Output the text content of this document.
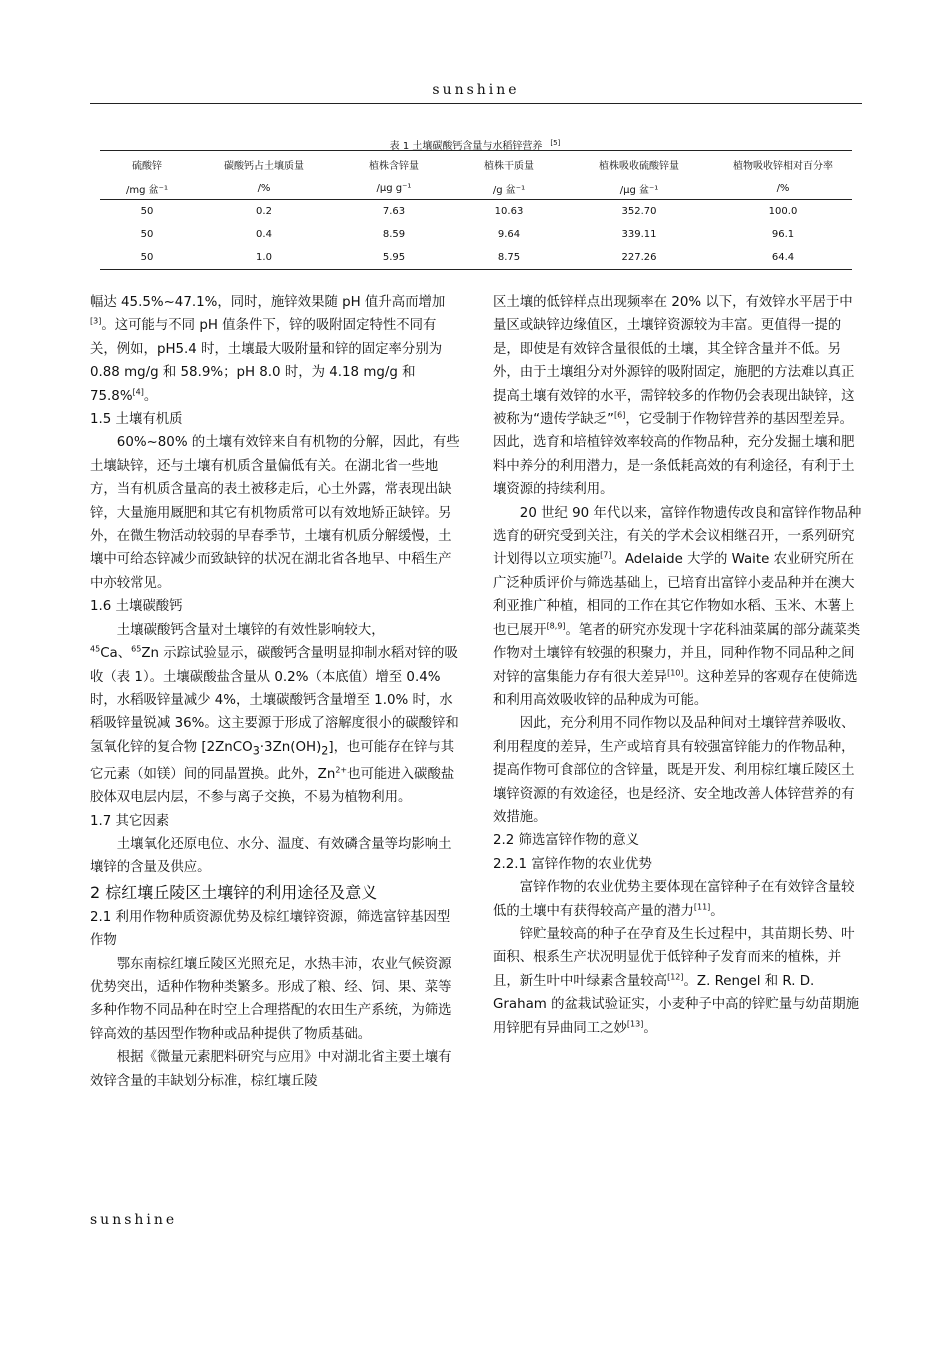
sunshine
表 1 土壤碳酸钙含量与水稻锌营养 [5]
硫酸锌	碳酸钙占土壤质量	植株含锌量	植株干质量	植株吸收硫酸锌量	植物吸收锌相对百分率
/mg 盆⁻¹	/%	/µg g⁻¹	/g 盆⁻¹	/µg 盆⁻¹	/%
50	0.2	7.63	10.63	352.70	100.0
50	0.4	8.59	9.64	339.11	96.1
50	1.0	5.95	8.75	227.26	64.4

幅达 45.5%~47.1%，同时，施锌效果随 pH 值升高而增加[3]。这可能与不同 pH 值条件下，锌的吸附固定特性不同有关，例如，pH5.4 时，土壤最大吸附量和锌的固定率分别为 0.88 mg/g 和 58.9%；pH 8.0 时，为 4.18 mg/g 和 75.8%[4]。

1.5 土壤有机质

60%~80% 的土壤有效锌来自有机物的分解，因此，有些土壤缺锌，还与土壤有机质含量偏低有关。在湖北省一些地方，当有机质含量高的表土被移走后，心土外露，常表现出缺锌，大量施用厩肥和其它有机物质常可以有效地矫正缺锌。另外，在微生物活动较弱的早春季节，土壤有机质分解缓慢，土壤中可给态锌减少而致缺锌的状况在湖北省各地早、中稻生产中亦较常见。

1.6 土壤碳酸钙

土壤碳酸钙含量对土壤锌的有效性影响较大，
$^{45}$Ca、$^{65}$Zn 示踪试验显示，碳酸钙含量明显抑制水稻对锌的吸收（表 1）。土壤碳酸盐含量从 0.2%（本底值）增至 0.4% 时，水稻吸锌量减少 4%，土壤碳酸钙含量增至 1.0% 时，水稻吸锌量锐减 36%。这主要源于形成了溶解度很小的碳酸锌和氢氧化锌的复合物 $[2ZnCO_3\cdot 3Zn(OH)_2]$，也可能存在锌与其它元素（如镁）间的同晶置换。此外，$Zn^{2+}$也可能进入碳酸盐胶体双电层内层，不参与离子交换，不易为植物利用。

1.7 其它因素

土壤氧化还原电位、水分、温度、有效磷含量等均影响土壤锌的含量及供应。

2 棕红壤丘陵区土壤锌的利用途径及意义

2.1 利用作物种质资源优势及棕红壤锌资源，筛选富锌基因型作物

鄂东南棕红壤丘陵区光照充足，水热丰沛，农业气候资源优势突出，适种作物种类繁多。形成了粮、经、饲、果、菜等多种作物不同品种在时空上合理搭配的农田生产系统，为筛选锌高效的基因型作物种或品种提供了物质基础。

根据《微量元素肥料研究与应用》中对湖北省主要土壤有效锌含量的丰缺划分标准，棕红壤丘陵

区土壤的低锌样点出现频率在 20% 以下，有效锌水平居于中量区或缺锌边缘值区，土壤锌资源较为丰富。更值得一提的是，即使是有效锌含量很低的土壤，其全锌含量并不低。另外，由于土壤组分对外源锌的吸附固定，施肥的方法难以真正提高土壤有效锌的水平，需锌较多的作物仍会表现出缺锌，这被称为“遗传学缺乏”[6]，它受制于作物锌营养的基因型差异。因此，选育和培植锌效率较高的作物品种，充分发掘土壤和肥料中养分的利用潜力，是一条低耗高效的有利途径，有利于土壤资源的持续利用。

20 世纪 90 年代以来，富锌作物遗传改良和富锌作物品种选育的研究受到关注，有关的学术会议相继召开，一系列研究计划得以立项实施[7]。Adelaide 大学的 Waite 农业研究所在广泛种质评价与筛选基础上，已培育出富锌小麦品种并在澳大利亚推广种植，相同的工作在其它作物如水稻、玉米、木薯上也已展开[8,9]。笔者的研究亦发现十字花科油菜属的部分蔬菜类作物对土壤锌有较强的积聚力，并且，同种作物不同品种之间对锌的富集能力存有很大差异[10]。这种差异的客观存在使筛选和利用高效吸收锌的品种成为可能。

因此，充分利用不同作物以及品种间对土壤锌营养吸收、利用程度的差异，生产或培育具有较强富锌能力的作物品种，提高作物可食部位的含锌量，既是开发、利用棕红壤丘陵区土壤锌资源的有效途径，也是经济、安全地改善人体锌营养的有效措施。

2.2 筛选富锌作物的意义

2.2.1 富锌作物的农业优势

富锌作物的农业优势主要体现在富锌种子在有效锌含量较低的土壤中有获得较高产量的潜力[11]。

锌贮量较高的种子在孕育及生长过程中，其苗期长势、叶面积、根系生产状况明显优于低锌种子发育而来的植株，并且，新生叶中叶绿素含量较高[12]。Z. Rengel 和 R. D. Graham 的盆栽试验证实，小麦种子中高的锌贮量与幼苗期施用锌肥有异曲同工之妙[13]。

sunshine
